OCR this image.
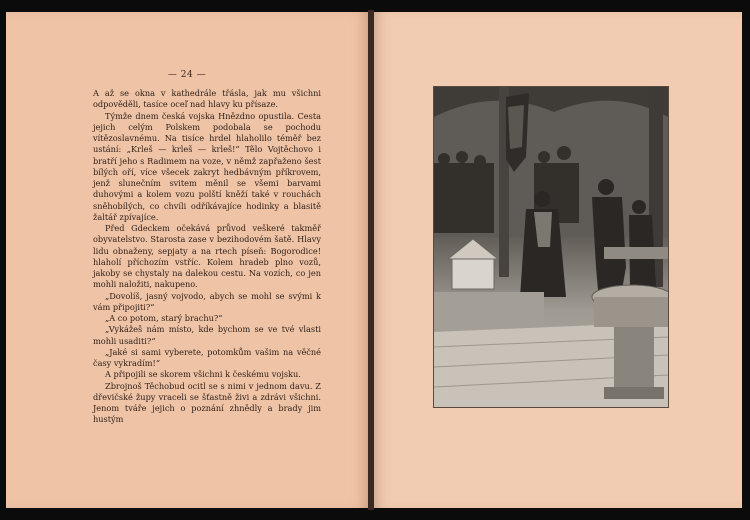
— 24 —

A až se okna v kathedrále třásla, jak mu všichni odpověděli, tasíce oceľ nad hlavy ku přísaze.

Týmže dnem česká vojska Hnězdno opustila. Cesta jejich celým Polskem podobala se pochodu vítězoslavnému. Na tisíce hrdel hlaholilo téměř bez ustání: „Krleš — krleš — krleš!“ Tělo Vojtěchovo i bratří jeho s Radimem na voze, v němž zapřaženo šest bílých oří, více všecek zakryt hedbávným příkrovem, jenž slunečním svitem měnil se všemi barvami duhovými a kolem vozu polští kněží také v rouchách sněhobílých, co chvíli odříkávajíce hodinky a blasitě žaltář zpívajíce.

Před Gdeckem očekává průvod veškeré takměř obyvatelstvo. Starosta zase v bezihodovém šatě. Hlavy lidu obnaženy, sepjaty a na rtech píseň: Bogorodice! hlaholí příchozím vstříc. Kolem hradeb plno vozů, jakoby se chystaly na dalekou cestu. Na vozích, co jen mohli naložiti, nakupeno.

„Dovolíš, jasný vojvodo, abych se mohl se svými k vám připojiti?“

„A co potom, starý brachu?“

„Vykážeš nám místo, kde bychom se ve tvé vlasti mohli usaditi?“

„Jaké si sami vyberete, potomkům vašim na věčné časy vykradím!“

A připojili se skorem všichni k českému vojsku.

Zbrojnoš Těchobud ocitl se s nimi v jednom davu. Z dřevičské župy vraceli se šťastně živi a zdrávi všichni. Jenom tváře jejich o poznání zhnědly a brady jim hustým
